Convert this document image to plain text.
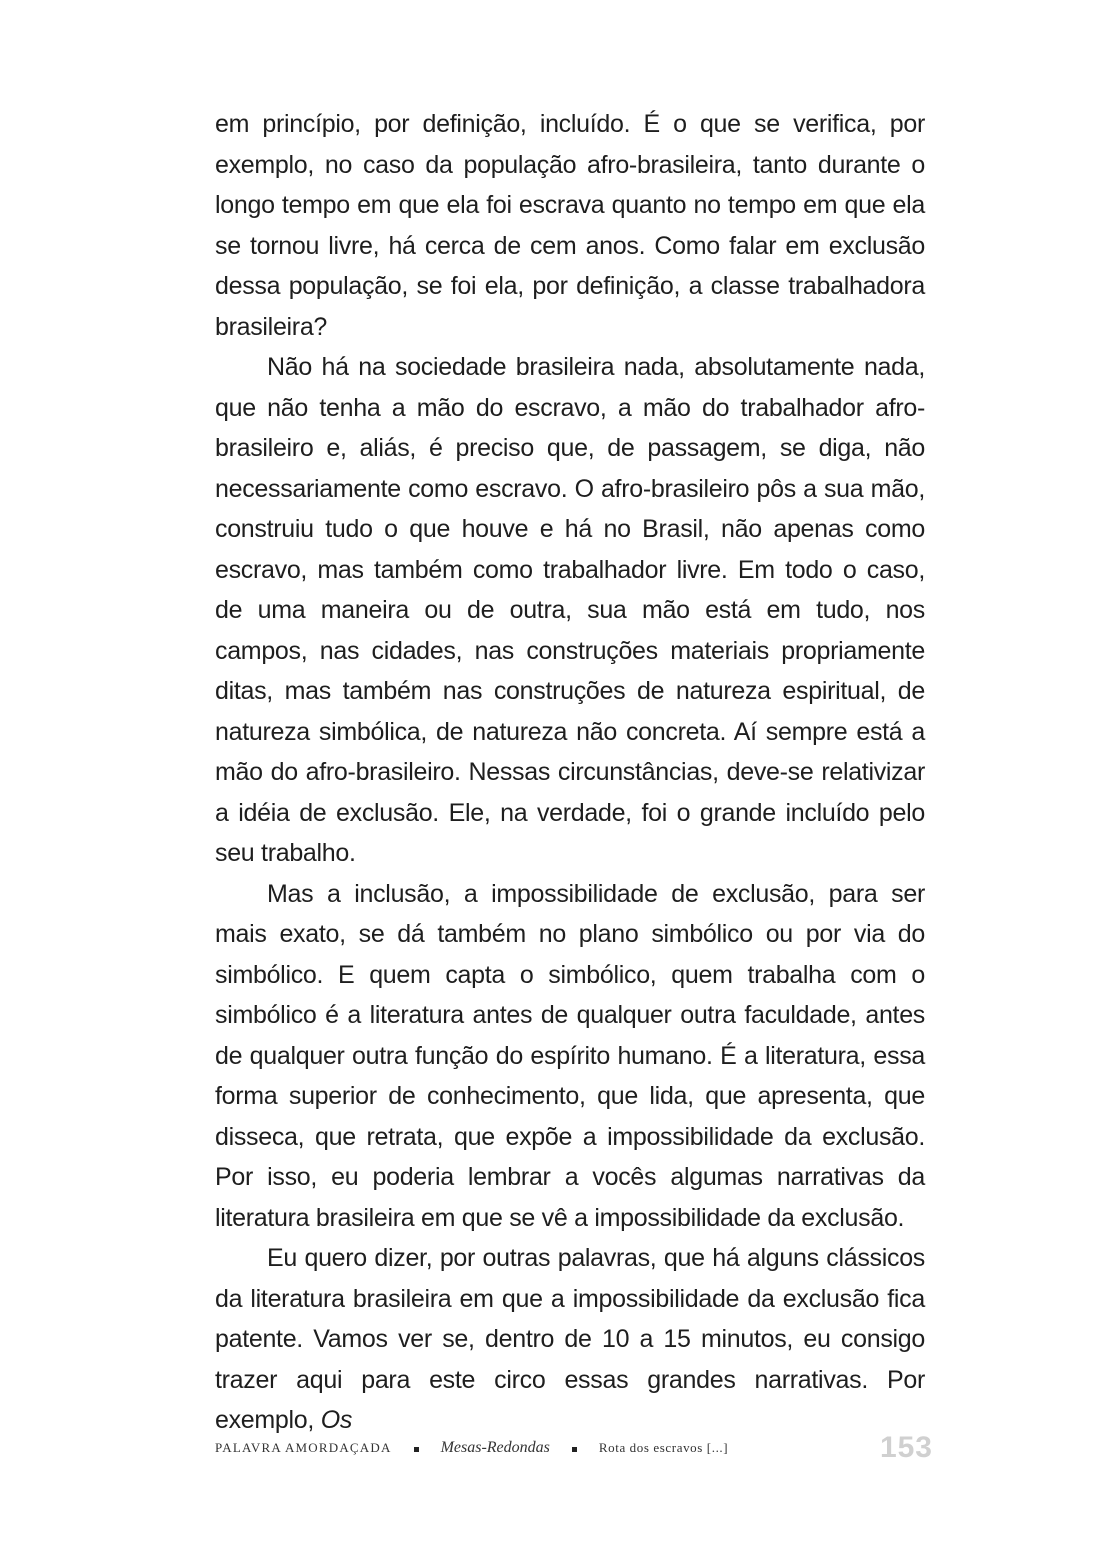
em princípio, por definição, incluído. É o que se verifica, por exemplo, no caso da população afro-brasileira, tanto durante o longo tempo em que ela foi escrava quanto no tempo em que ela se tornou livre, há cerca de cem anos. Como falar em exclusão dessa população, se foi ela, por definição, a classe trabalhadora brasileira?

Não há na sociedade brasileira nada, absolutamente nada, que não tenha a mão do escravo, a mão do trabalhador afro-brasileiro e, aliás, é preciso que, de passagem, se diga, não necessariamente como escravo. O afro-brasileiro pôs a sua mão, construiu tudo o que houve e há no Brasil, não apenas como escravo, mas também como trabalhador livre. Em todo o caso, de uma maneira ou de outra, sua mão está em tudo, nos campos, nas cidades, nas construções materiais propriamente ditas, mas também nas construções de natureza espiritual, de natureza simbólica, de natureza não concreta. Aí sempre está a mão do afro-brasileiro. Nessas circunstâncias, deve-se relativizar a idéia de exclusão. Ele, na verdade, foi o grande incluído pelo seu trabalho.

Mas a inclusão, a impossibilidade de exclusão, para ser mais exato, se dá também no plano simbólico ou por via do simbólico. E quem capta o simbólico, quem trabalha com o simbólico é a literatura antes de qualquer outra faculdade, antes de qualquer outra função do espírito humano. É a literatura, essa forma superior de conhecimento, que lida, que apresenta, que disseca, que retrata, que expõe a impossibilidade da exclusão. Por isso, eu poderia lembrar a vocês algumas narrativas da literatura brasileira em que se vê a impossibilidade da exclusão.

Eu quero dizer, por outras palavras, que há alguns clássicos da literatura brasileira em que a impossibilidade da exclusão fica patente. Vamos ver se, dentro de 10 a 15 minutos, eu consigo trazer aqui para este circo essas grandes narrativas. Por exemplo, Os

PALAVRA AMORDAÇADA	Mesas-Redondas	Rota dos escravos [...]	153
